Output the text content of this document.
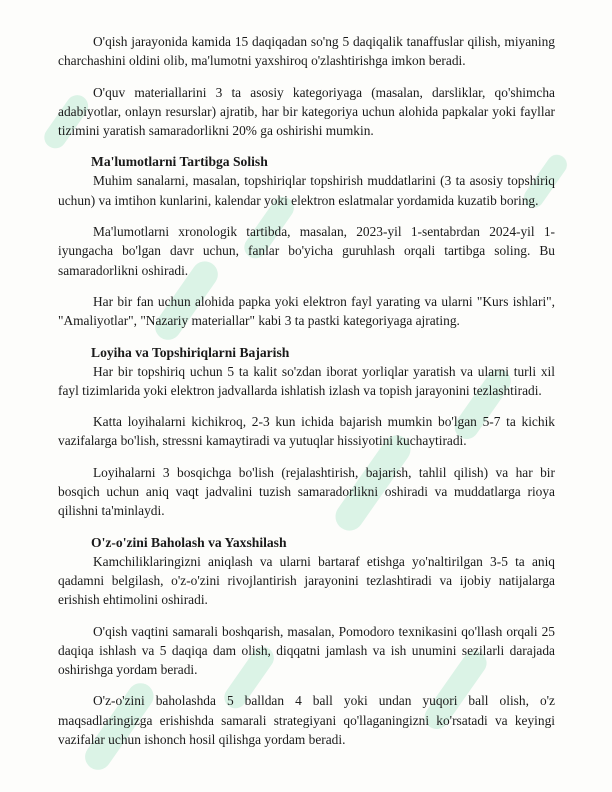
O'qish jarayonida kamida 15 daqiqadan so'ng 5 daqiqalik tanaffuslar qilish, miyaning charchashini oldini olib, ma'lumotni yaxshiroq o'zlashtirishga imkon beradi.

O'quv materiallarini 3 ta asosiy kategoriyaga (masalan, darsliklar, qo'shimcha adabiyotlar, onlayn resurslar) ajratib, har bir kategoriya uchun alohida papkalar yoki fayllar tizimini yaratish samaradorlikni 20% ga oshirishi mumkin.

Ma'lumotlarni Tartibga Solish

Muhim sanalarni, masalan, topshiriqlar topshirish muddatlarini (3 ta asosiy topshiriq uchun) va imtihon kunlarini, kalendar yoki elektron eslatmalar yordamida kuzatib boring.

Ma'lumotlarni xronologik tartibda, masalan, 2023-yil 1-sentabrdan 2024-yil 1-iyungacha bo'lgan davr uchun, fanlar bo'yicha guruhlash orqali tartibga soling. Bu samaradorlikni oshiradi.

Har bir fan uchun alohida papka yoki elektron fayl yarating va ularni "Kurs ishlari", "Amaliyotlar", "Nazariy materiallar" kabi 3 ta pastki kategoriyaga ajrating.

Loyiha va Topshiriqlarni Bajarish

Har bir topshiriq uchun 5 ta kalit so'zdan iborat yorliqlar yaratish va ularni turli xil fayl tizimlarida yoki elektron jadvallarda ishlatish izlash va topish jarayonini tezlashtiradi.

Katta loyihalarni kichikroq, 2-3 kun ichida bajarish mumkin bo'lgan 5-7 ta kichik vazifalarga bo'lish, stressni kamaytiradi va yutuqlar hissiyotini kuchaytiradi.

Loyihalarni 3 bosqichga bo'lish (rejalashtirish, bajarish, tahlil qilish) va har bir bosqich uchun aniq vaqt jadvalini tuzish samaradorlikni oshiradi va muddatlarga rioya qilishni ta'minlaydi.

O'z-o'zini Baholash va Yaxshilash

Kamchiliklaringizni aniqlash va ularni bartaraf etishga yo'naltirilgan 3-5 ta aniq qadamni belgilash, o'z-o'zini rivojlantirish jarayonini tezlashtiradi va ijobiy natijalarga erishish ehtimolini oshiradi.

O'qish vaqtini samarali boshqarish, masalan, Pomodoro texnikasini qo'llash orqali 25 daqiqa ishlash va 5 daqiqa dam olish, diqqatni jamlash va ish unumini sezilarli darajada oshirishga yordam beradi.

O'z-o'zini baholashda 5 balldan 4 ball yoki undan yuqori ball olish, o'z maqsadlaringizga erishishda samarali strategiyani qo'llaganingizni ko'rsatadi va keyingi vazifalar uchun ishonch hosil qilishga yordam beradi.
